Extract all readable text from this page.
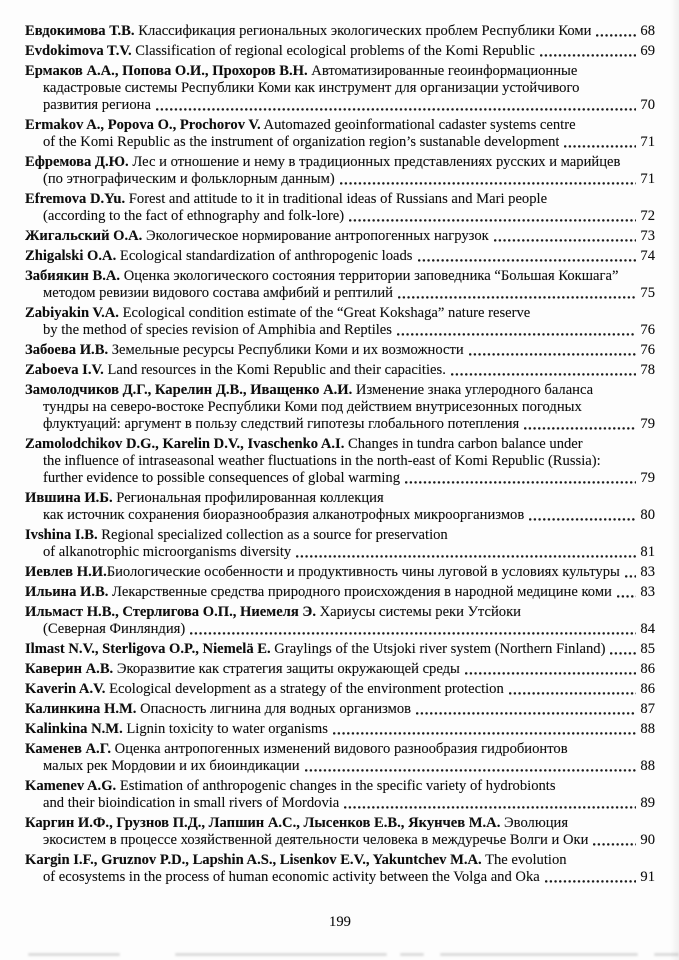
Евдокимова Т.В. Классификация региональных экологических проблем Республики Коми	68
Evdokimova T.V. Classification of regional ecological problems of the Komi Republic	69
Ермаков А.А., Попова О.И., Прохоров В.Н. Автоматизированные геоинформационные
кадастровые системы Республики Коми как инструмент для организации устойчивого
развития региона	70
Ermakov A., Popova O., Prochorov V. Automazed geoinformational cadaster systems centre
of the Komi Republic as the instrument of organization region’s sustanable development	71
Ефремова Д.Ю. Лес и отношение и нему в традиционных представлениях русских и марийцев
(по этнографическим и фольклорным данным)	71
Efremova D.Yu. Forest and attitude to it in traditional ideas of Russians and Mari people
(according to the fact of ethnography and folk-lore)	72
Жигальский О.А. Экологическое нормирование антропогенных нагрузок	73
Zhigalski O.A. Ecological standardization of anthropogenic loads	74
Забиякин В.А. Оценка экологического состояния территории заповедника “Большая Кокшага”
методом ревизии видового состава амфибий и рептилий	75
Zabiyakin V.A. Ecological condition estimate of the “Great Kokshaga” nature reserve
by the method of species revision of Amphibia and Reptiles	76
Забоева И.В. Земельные ресурсы Республики Коми и их возможности	76
Zaboeva I.V. Land resources in the Komi Republic and their capacities.	78
Замолодчиков Д.Г., Карелин Д.В., Иващенко А.И. Изменение знака углеродного баланса
тундры на северо-востоке Республики Коми под действием внутрисезонных погодных
флуктуаций: аргумент в пользу следствий гипотезы глобального потепления	79
Zamolodchikov D.G., Karelin D.V., Ivaschenko A.I. Changes in tundra carbon balance under
the influence of intraseasonal weather fluctuations in the north-east of Komi Republic (Russia):
further evidence to possible consequences of global warming	79
Ившина И.Б. Региональная профилированная коллекция
как источник сохранения биоразнообразия алканотрофных микроорганизмов	80
Ivshina I.B. Regional specialized collection as a source for preservation
of alkanotrophic microorganisms diversity	81
Иевлев Н.И.Биологические особенности и продуктивность чины луговой в условиях культуры 83
Ильина И.В. Лекарственные средства природного происхождения в народной медицине коми 83
Ильмаст Н.В., Стерлигова О.П., Ниемеля Э. Хариусы системы реки Утсйоки
(Северная Финляндия)	84
Ilmast N.V., Sterligova O.P., Niemelä E. Graylings of the Utsjoki river system (Northern Finland) 85
Каверин А.В. Экоразвитие как стратегия защиты окружающей среды	86
Kaverin A.V. Ecological development as a strategy of the environment protection	86
Калинкина Н.М. Опасность лигнина для водных организмов	87
Kalinkina N.M. Lignin toxicity to water organisms	88
Каменев А.Г. Оценка антропогенных изменений видового разнообразия гидробионтов
малых рек Мордовии и их биоиндикации	88
Kamenev A.G. Estimation of anthropogenic changes in the specific variety of hydrobionts
and their bioindication in small rivers of Mordovia	89
Каргин И.Ф., Грузнов П.Д., Лапшин А.С., Лысенков Е.В., Якунчев М.А. Эволюция
экосистем в процессе хозяйственной деятельности человека в междуречье Волги и Оки	90
Kargin I.F., Gruznov P.D., Lapshin A.S., Lisenkov E.V., Yakuntchev M.A. The evolution
of ecosystems in the process of human economic activity between the Volga and Oka	91
199
